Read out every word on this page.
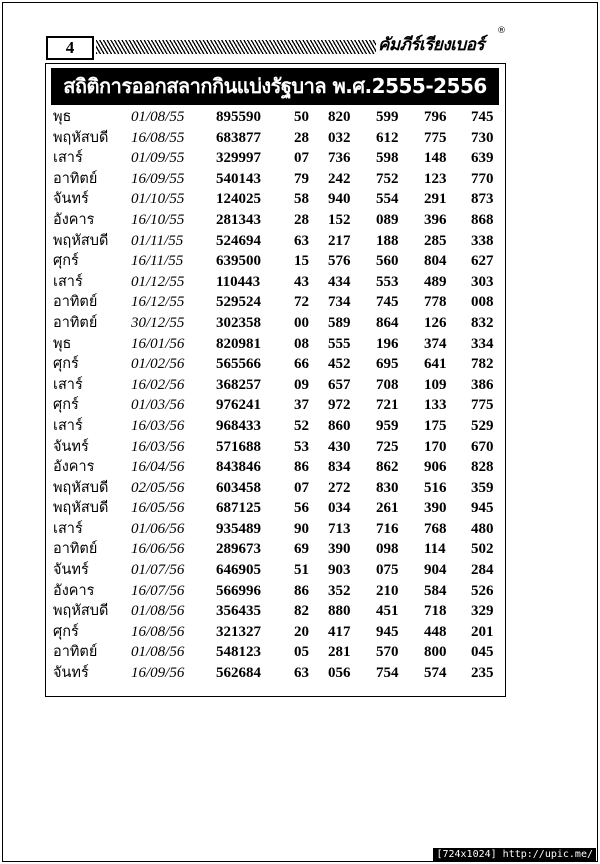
4	คัมภีร์เรียงเบอร์
®
สถิติการออกสลากกินแบ่งรัฐบาล พ.ศ.2555-2556
พุธ	01/08/55 895590 50 820 599 796 745
พฤหัสบดี 16/08/55 683877 28 032 612 775 730
เสาร์	01/09/55 329997 07 736 598 148 639
อาทิตย์ 16/09/55 540143 79 242 752 123 770
จันทร์	01/10/55 124025 58 940 554 291 873
อังคาร 16/10/55 281343 28 152 089 396 868
พฤหัสบดี 01/11/55 524694 63 217 188 285 338
ศุกร์	16/11/55 639500 15 576 560 804 627
เสาร์	01/12/55 110443 43 434 553 489 303
อาทิตย์ 16/12/55 529524 72 734 745 778 008
อาทิตย์ 30/12/55 302358 00 589 864 126 832
พุธ	16/01/56 820981 08 555 196 374 334
ศุกร์	01/02/56 565566 66 452 695 641 782
เสาร์	16/02/56 368257 09 657 708 109 386
ศุกร์	01/03/56 976241 37 972 721 133 775
เสาร์	16/03/56 968433 52 860 959 175 529
จันทร์	16/03/56 571688 53 430 725 170 670
อังคาร 16/04/56 843846 86 834 862 906 828
พฤหัสบดี 02/05/56 603458 07 272 830 516 359
พฤหัสบดี 16/05/56 687125 56 034 261 390 945
เสาร์	01/06/56 935489 90 713 716 768 480
อาทิตย์ 16/06/56 289673 69 390 098 114 502
จันทร์	01/07/56 646905 51 903 075 904 284
อังคาร 16/07/56 566996 86 352 210 584 526
พฤหัสบดี 01/08/56 356435 82 880 451 718 329
ศุกร์	16/08/56 321327 20 417 945 448 201
อาทิตย์ 01/08/56 548123 05 281 570 800 045
จันทร์	16/09/56 562684 63 056 754 574 235
[724x1024] http://upic.me/
